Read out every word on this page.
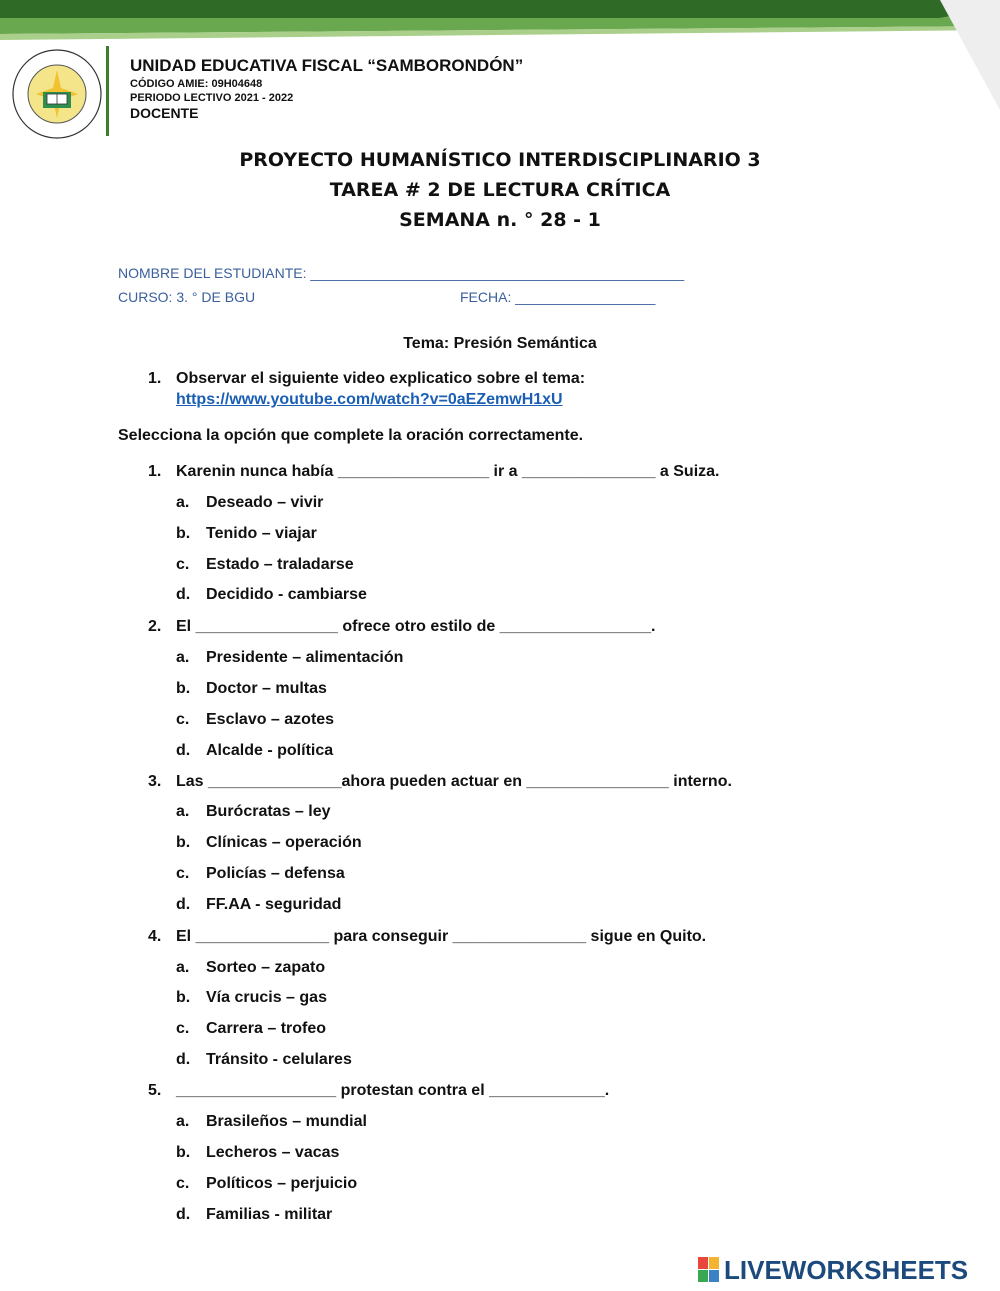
UNIDAD EDUCATIVA FISCAL “SAMBORONDÓN”
CÓDIGO AMIE: 09H04648
PERIODO LECTIVO 2021 - 2022
DOCENTE
PROYECTO HUMANÍSTICO INTERDISCIPLINARIO 3
TAREA # 2 DE LECTURA CRÍTICA
SEMANA n. ° 28 - 1
NOMBRE DEL ESTUDIANTE: ________________________________________________
CURSO: 3. ° DE BGU	FECHA: __________________
Tema: Presión Semántica
1. Observar el siguiente video explicatico sobre el tema:
https://www.youtube.com/watch?v=0aEZemwH1xU
Selecciona la opción que complete la oración correctamente.
1. Karenin nunca había _________________ ir a _______________ a Suiza.
a. Deseado – vivir
b. Tenido – viajar
c. Estado – traladarse
d. Decidido - cambiarse
2. El ________________ ofrece otro estilo de _________________.
a. Presidente – alimentación
b. Doctor – multas
c. Esclavo – azotes
d. Alcalde - política
3. Las _______________ahora pueden actuar en ________________ interno.
a. Burócratas – ley
b. Clínicas – operación
c. Policías – defensa
d. FF.AA - seguridad
4. El _______________ para conseguir _______________ sigue en Quito.
a. Sorteo – zapato
b. Vía crucis – gas
c. Carrera – trofeo
d. Tránsito - celulares
5. __________________ protestan contra el _____________.
a. Brasileños – mundial
b. Lecheros – vacas
c. Políticos – perjuicio
d. Familias - militar
LIVEWORKSHEETS
